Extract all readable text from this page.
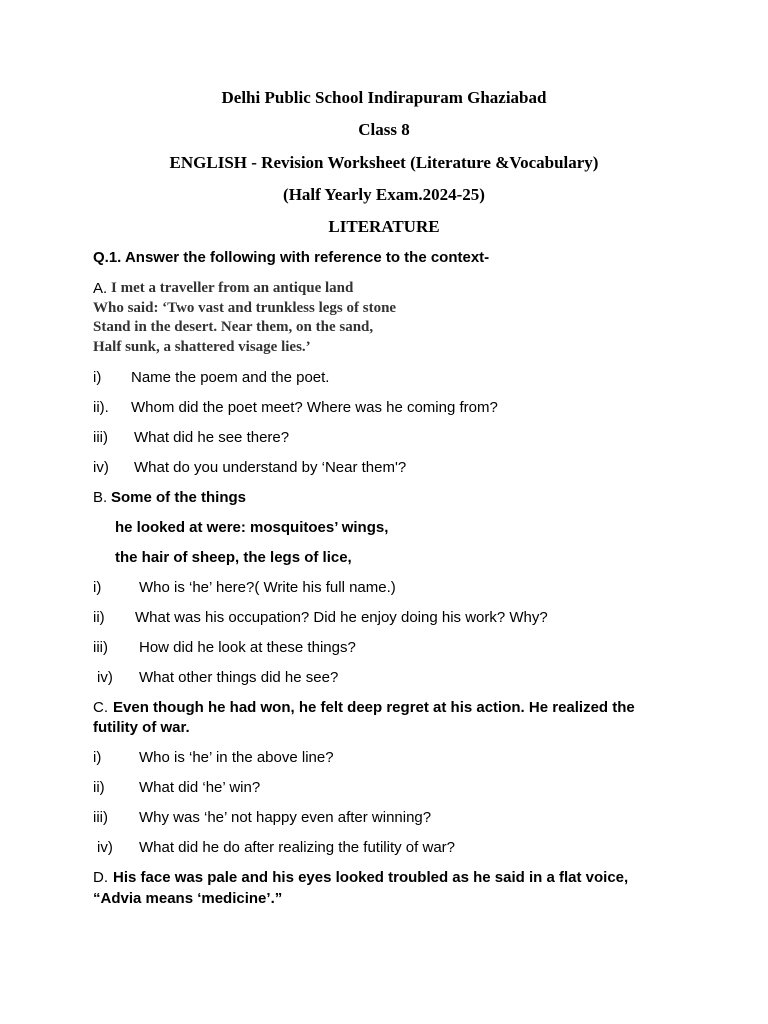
Delhi Public School Indirapuram Ghaziabad
Class 8
ENGLISH - Revision Worksheet (Literature &Vocabulary)
(Half Yearly Exam.2024-25)
LITERATURE
Q.1. Answer the following with reference to the context-
A. I met a traveller from an antique land
Who said: ‘Two vast and trunkless legs of stone
Stand in the desert. Near them, on the sand,
Half sunk, a shattered visage lies.’
i) Name the poem and the poet.
ii). Whom did the poet meet? Where was he coming from?
iii) What did he see there?
iv) What do you understand by ‘Near them'?
B. Some of the things
he looked at were: mosquitoes’ wings,
the hair of sheep, the legs of lice,
i)	Who is ‘he’ here?( Write his full name.)
ii) What was his occupation? Did he enjoy doing his work? Why?
iii) How did he look at these things?
iv) What other things did he see?
C. Even though he had won, he felt deep regret at his action. He realized the
futility of war.
i)	Who is ‘he’ in the above line?
ii) What did ‘he’ win?
iii) Why was ‘he’ not happy even after winning?
iv) What did he do after realizing the futility of war?
D. His face was pale and his eyes looked troubled as he said in a flat voice,
“Advia means ‘medicine’.”
